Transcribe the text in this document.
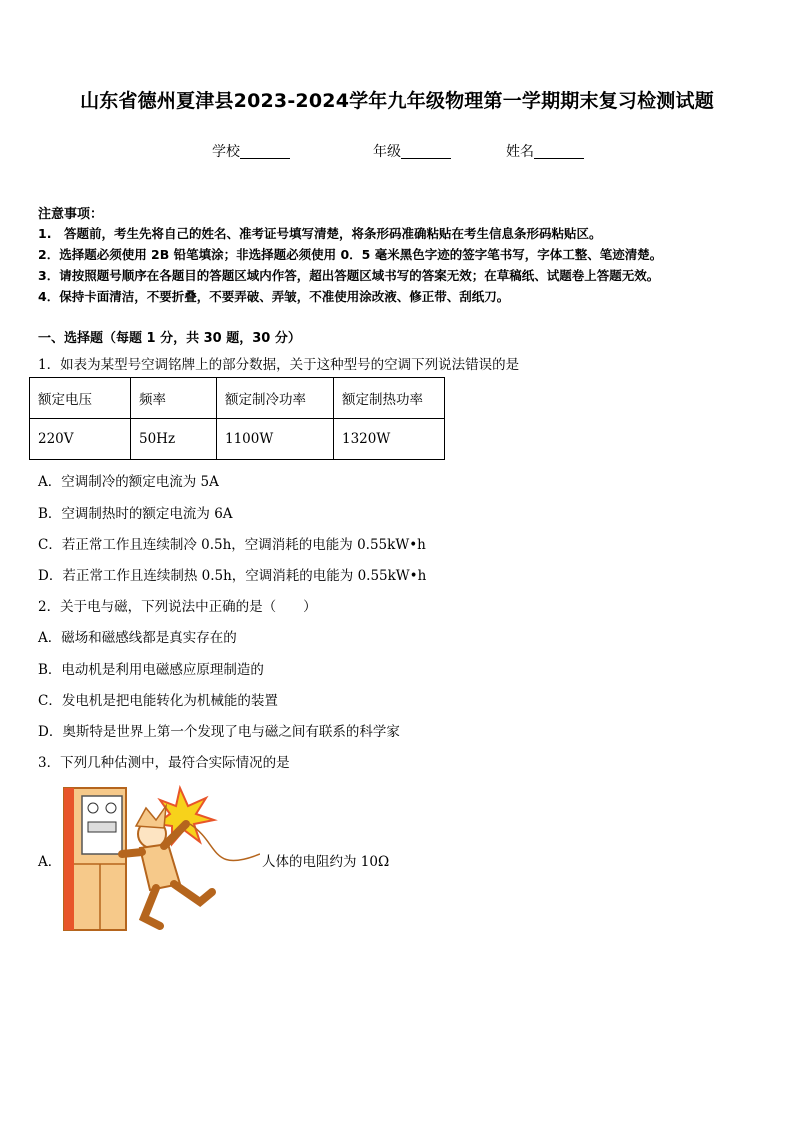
山东省德州夏津县2023-2024学年九年级物理第一学期期末复习检测试题
学校	年级	姓名
注意事项：
1.　答题前，考生先将自己的姓名、准考证号填写清楚，将条形码准确粘贴在考生信息条形码粘贴区。
2．选择题必须使用 2B 铅笔填涂；非选择题必须使用 0．5 毫米黑色字迹的签字笔书写，字体工整、笔迹清楚。
3．请按照题号顺序在各题目的答题区域内作答，超出答题区域书写的答案无效；在草稿纸、试题卷上答题无效。
4．保持卡面清洁，不要折叠，不要弄破、弄皱，不准使用涂改液、修正带、刮纸刀。
一、选择题（每题 1 分，共 30 题，30 分）
1．如表为某型号空调铭牌上的部分数据，关于这种型号的空调下列说法错误的是
额定电压	频率	额定制冷功率	额定制热功率
220V	50Hz	1100W	1320W
A．空调制冷的额定电流为 5A
B．空调制热时的额定电流为 6A
C．若正常工作且连续制冷 0.5h，空调消耗的电能为 0.55kW•h
D．若正常工作且连续制热 0.5h，空调消耗的电能为 0.55kW•h
2．关于电与磁，下列说法中正确的是（　　）
A．磁场和磁感线都是真实存在的
B．电动机是利用电磁感应原理制造的
C．发电机是把电能转化为机械能的装置
D．奥斯特是世界上第一个发现了电与磁之间有联系的科学家
3．下列几种估测中，最符合实际情况的是
A．	人体的电阻约为 10Ω
